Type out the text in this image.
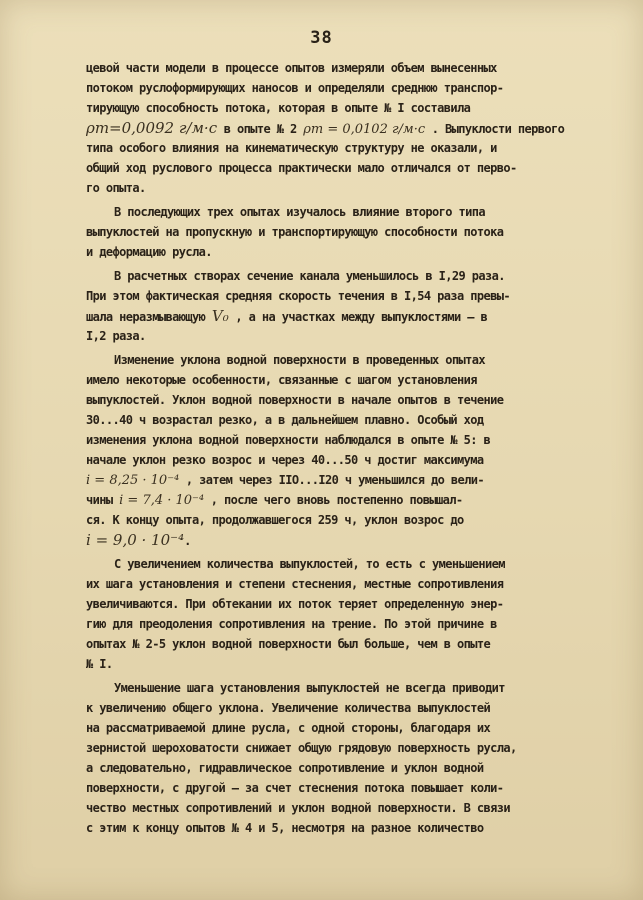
38
цевой части модели в процессе опытов измеряли объем вынесенных
потоком руслоформирующих наносов и определяли среднюю транспор-
тирующую способность потока, которая в опыте № I составила
ρт=0,0092 г/м·с в опыте № 2 ρт = 0,0102 г/м·с . Выпуклости первого
типа особого влияния на кинематическую структуру не оказали, и
общий ход руслового процесса практически мало отличался от перво-
го опыта.
В последующих трех опытах изучалось влияние второго типа
выпуклостей на пропускную и транспортирующую способности потока
и деформацию русла.
В расчетных створах сечение канала уменьшилось в I,29 раза.
При этом фактическая средняя скорость течения в I,54 раза превы-
шала неразмывающую V₀ , а на участках между выпуклостями – в
I,2 раза.
Изменение уклона водной поверхности в проведенных опытах
имело некоторые особенности, связанные с шагом установления
выпуклостей. Уклон водной поверхности в начале опытов в течение
30...40 ч возрастал резко, а в дальнейшем плавно. Особый ход
изменения уклона водной поверхности наблюдался в опыте № 5: в
начале уклон резко возрос и через 40...50 ч достиг максимума
i = 8,25 · 10⁻⁴ , затем через IIO...I20 ч уменьшился до вели-
чины i = 7,4 · 10⁻⁴ , после чего вновь постепенно повышал-
ся. К концу опыта, продолжавшегося 259 ч, уклон возрос до
i = 9,0 · 10⁻⁴.
С увеличением количества выпуклостей, то есть с уменьшением
их шага установления и степени стеснения, местные сопротивления
увеличиваются. При обтекании их поток теряет определенную энер-
гию для преодоления сопротивления на трение. По этой причине в
опытах № 2-5 уклон водной поверхности был больше, чем в опыте
№ I.
Уменьшение шага установления выпуклостей не всегда приводит
к увеличению общего уклона. Увеличение количества выпуклостей
на рассматриваемой длине русла, с одной стороны, благодаря их
зернистой шероховатости снижает общую грядовую поверхность русла,
а следовательно, гидравлическое сопротивление и уклон водной
поверхности, с другой – за счет стеснения потока повышает коли-
чество местных сопротивлений и уклон водной поверхности. В связи
с этим к концу опытов № 4 и 5, несмотря на разное количество
